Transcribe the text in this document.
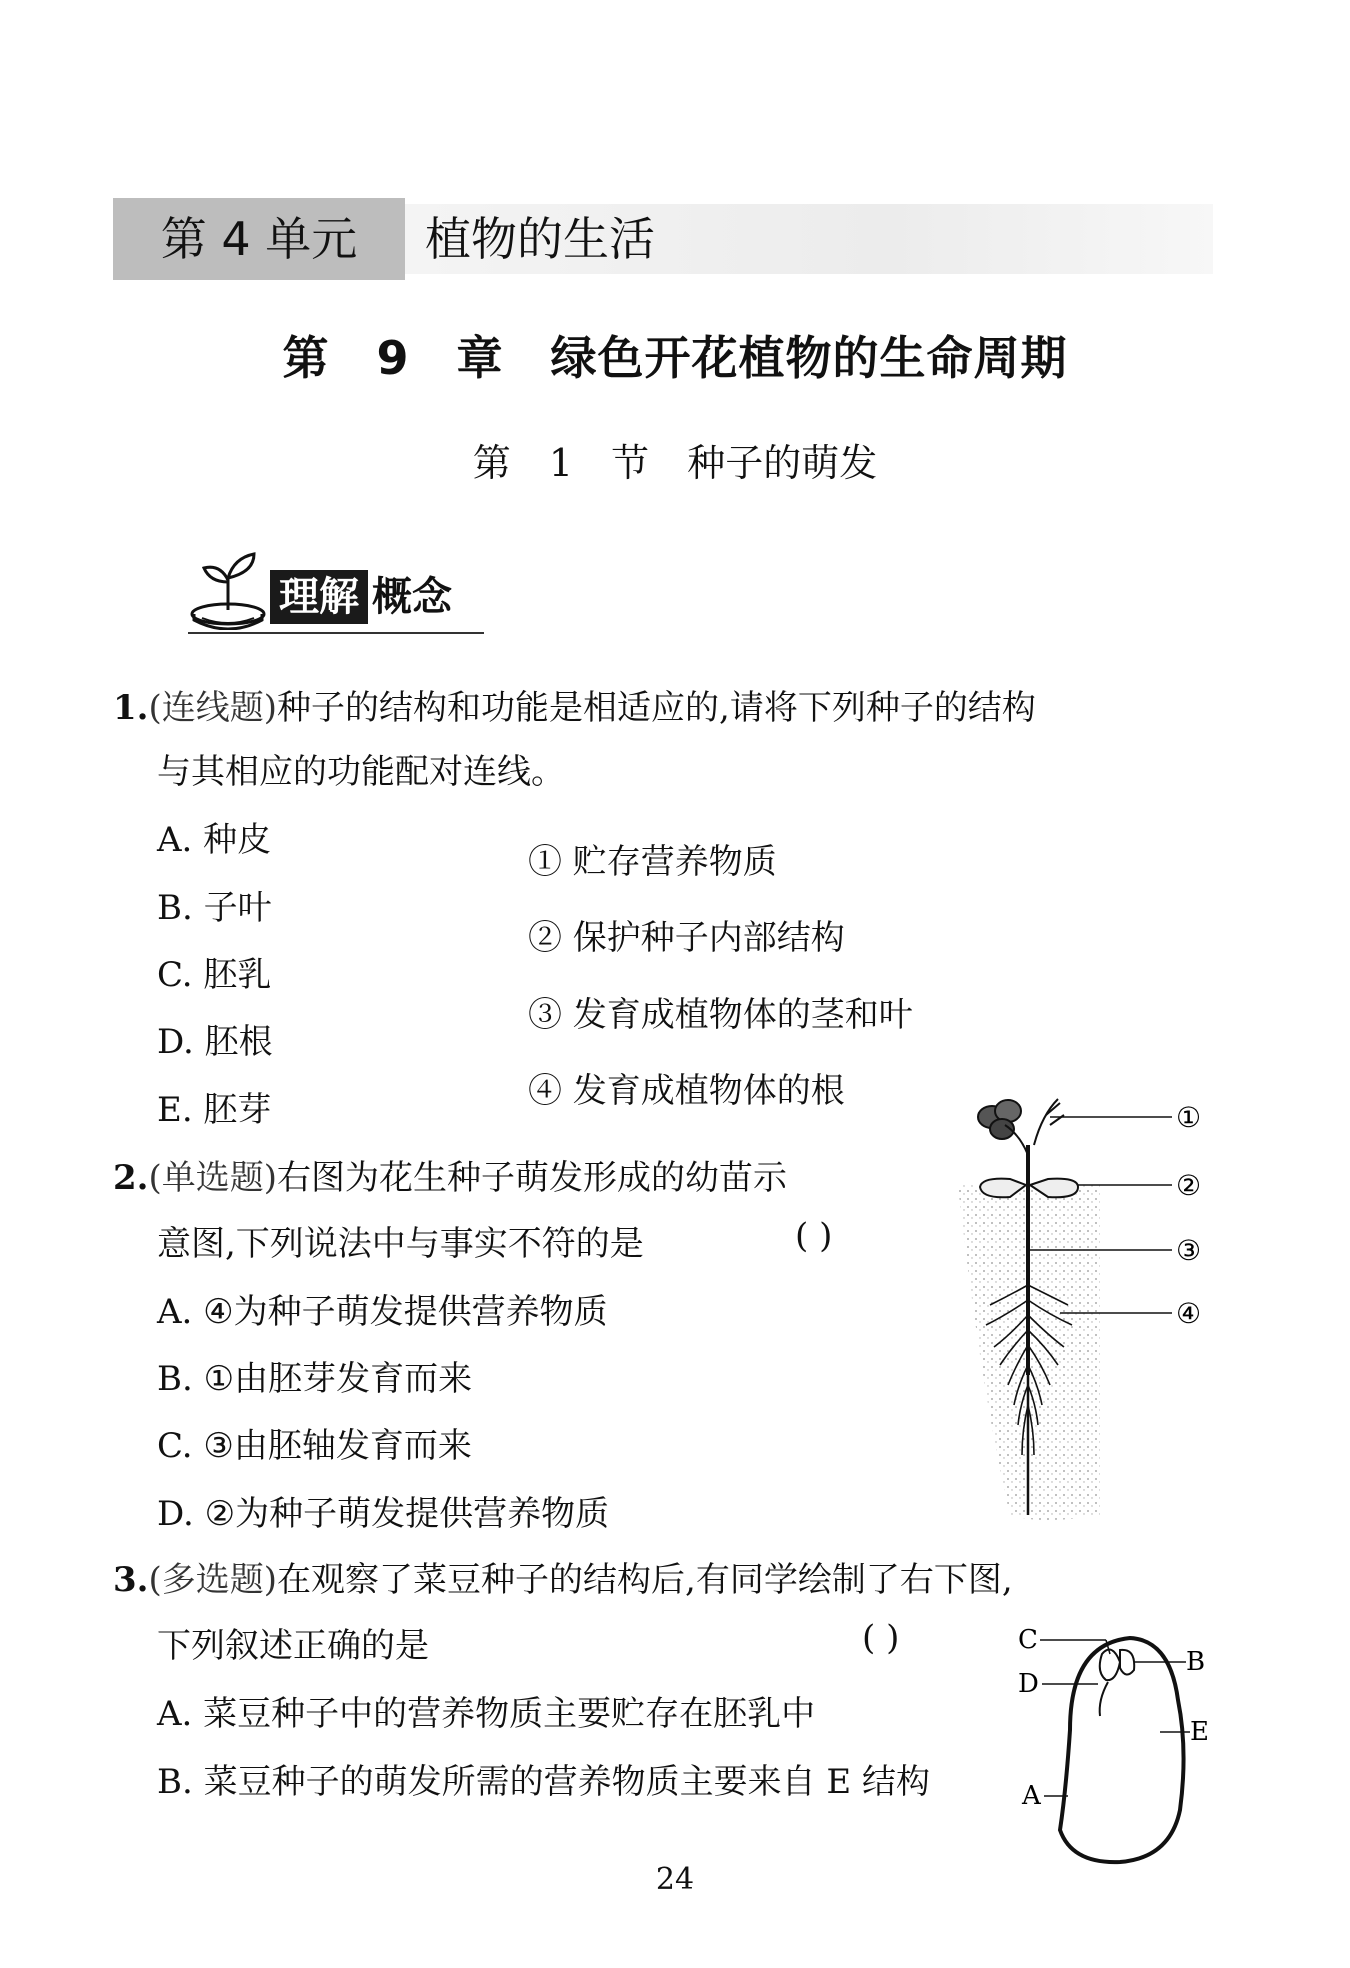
第 4 单元	植物的生活
第 9 章 绿色开花植物的生命周期
第 1 节 种子的萌发
理解 概念
1.(连线题)种子的结构和功能是相适应的,请将下列种子的结构
与其相应的功能配对连线。
A. 种皮
B. 子叶
C. 胚乳
D. 胚根
E. 胚芽
① 贮存营养物质
② 保护种子内部结构
③ 发育成植物体的茎和叶
④ 发育成植物体的根
2.(单选题)右图为花生种子萌发形成的幼苗示
意图,下列说法中与事实不符的是	( )
A. ④为种子萌发提供营养物质
B. ①由胚芽发育而来
C. ③由胚轴发育而来
D. ②为种子萌发提供营养物质
①
②
③
④
3.(多选题)在观察了菜豆种子的结构后,有同学绘制了右下图,
下列叙述正确的是	( )
A. 菜豆种子中的营养物质主要贮存在胚乳中
B. 菜豆种子的萌发所需的营养物质主要来自 E 结构
C
D
B
E
A
24
